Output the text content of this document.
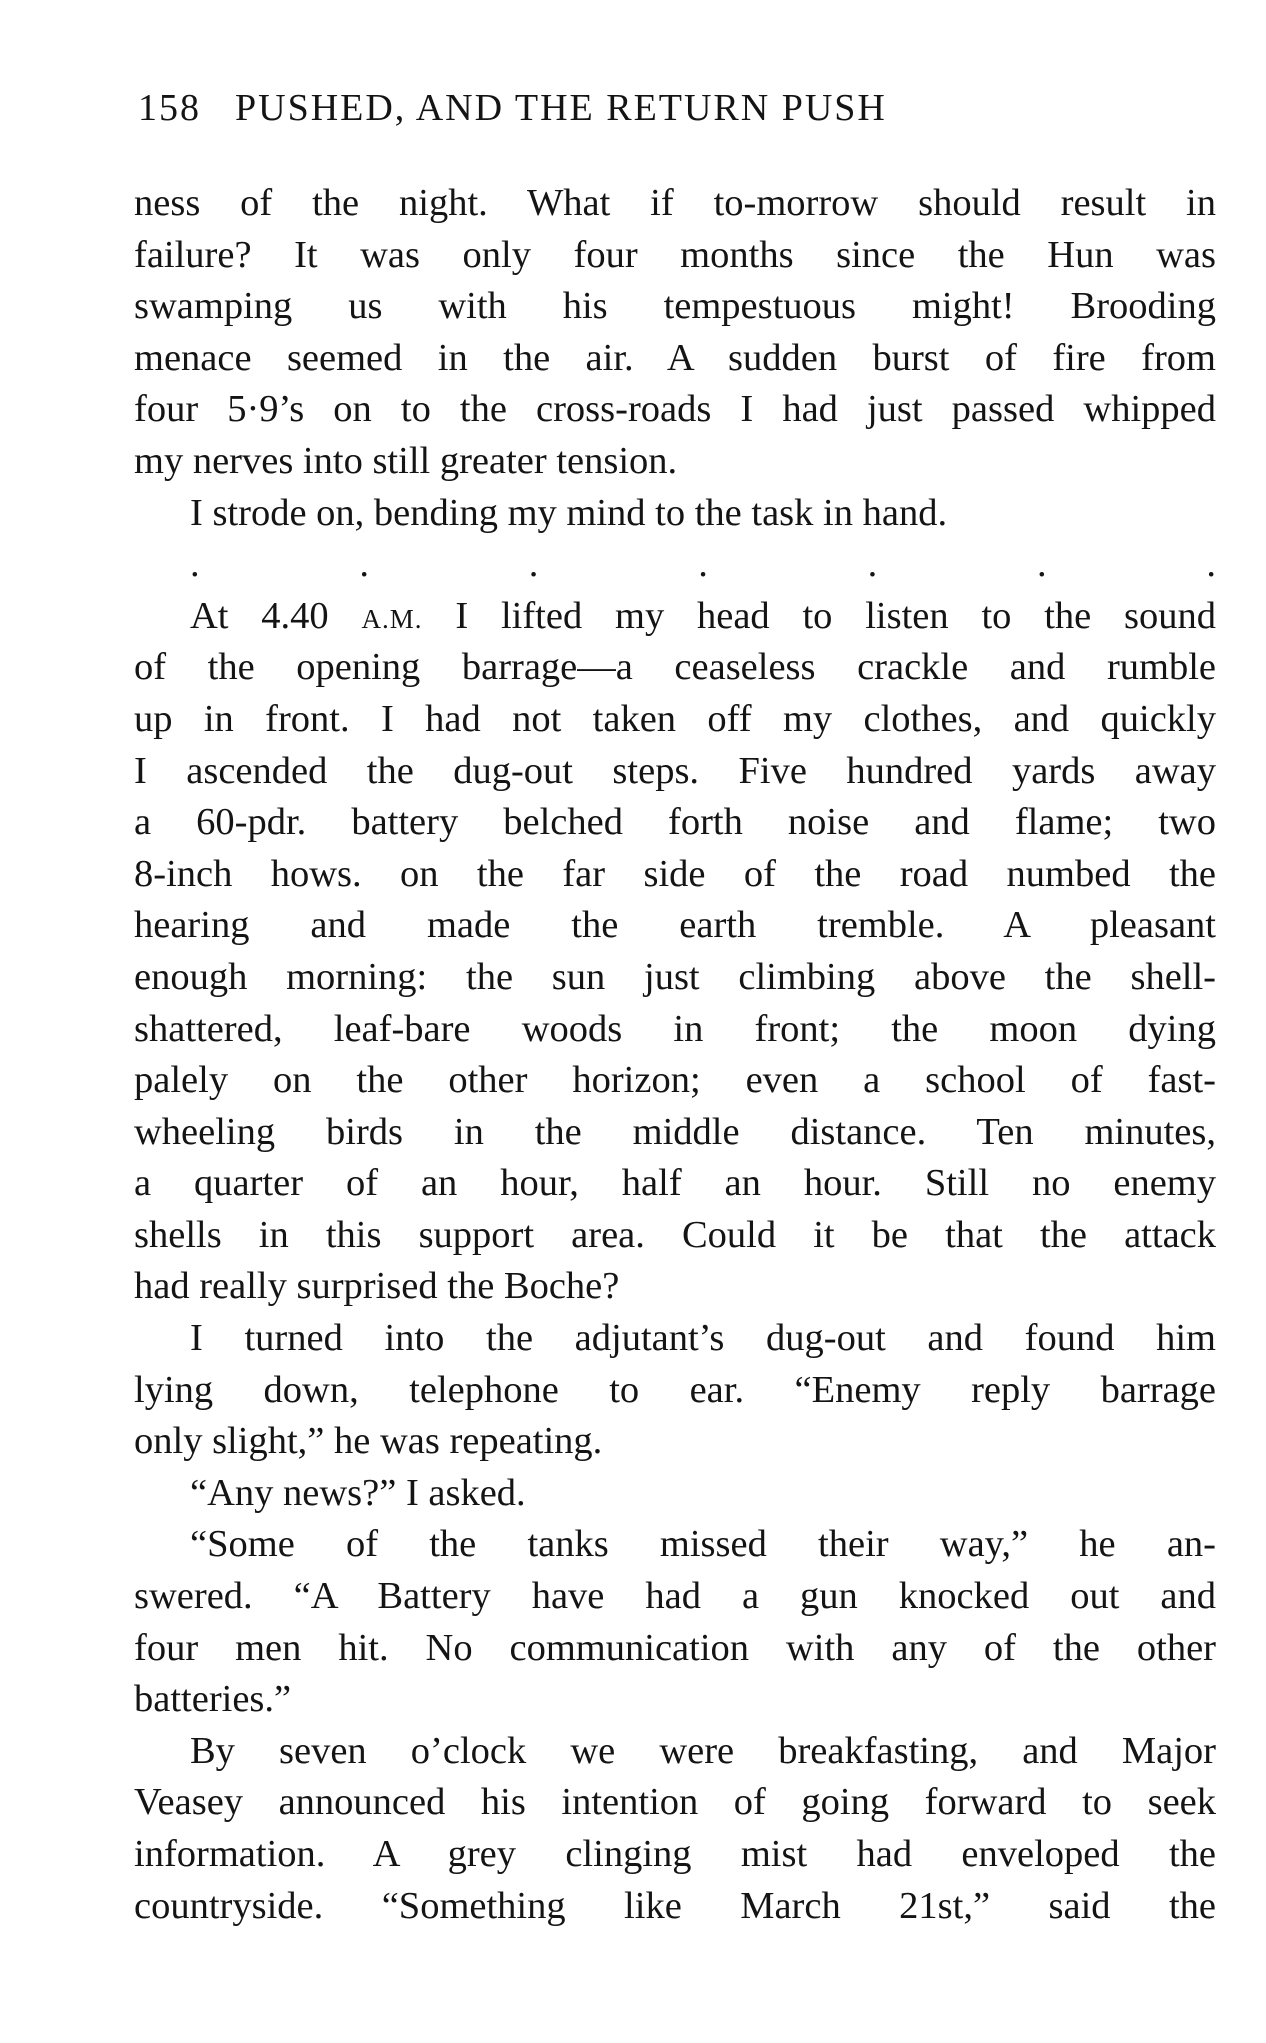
158 PUSHED, AND THE RETURN PUSH
ness of the night. What if to-morrow should result in
failure? It was only four months since the Hun was
swamping us with his tempestuous might! Brooding
menace seemed in the air. A sudden burst of fire from
four 5·9’s on to the cross-roads I had just passed whipped
my nerves into still greater tension.
I strode on, bending my mind to the task in hand.
. . . . . . .
At 4.40 A.M. I lifted my head to listen to the sound
of the opening barrage—a ceaseless crackle and rumble
up in front. I had not taken off my clothes, and quickly
I ascended the dug-out steps. Five hundred yards away
a 60-pdr. battery belched forth noise and flame; two
8-inch hows. on the far side of the road numbed the
hearing and made the earth tremble. A pleasant
enough morning: the sun just climbing above the shell-
shattered, leaf-bare woods in front; the moon dying
palely on the other horizon; even a school of fast-
wheeling birds in the middle distance. Ten minutes,
a quarter of an hour, half an hour. Still no enemy
shells in this support area. Could it be that the attack
had really surprised the Boche?
I turned into the adjutant’s dug-out and found him
lying down, telephone to ear. “Enemy reply barrage
only slight,” he was repeating.
“Any news?” I asked.
“Some of the tanks missed their way,” he an-
swered. “A Battery have had a gun knocked out and
four men hit. No communication with any of the other
batteries.”
By seven o’clock we were breakfasting, and Major
Veasey announced his intention of going forward to seek
information. A grey clinging mist had enveloped the
countryside. “Something like March 21st,” said the
